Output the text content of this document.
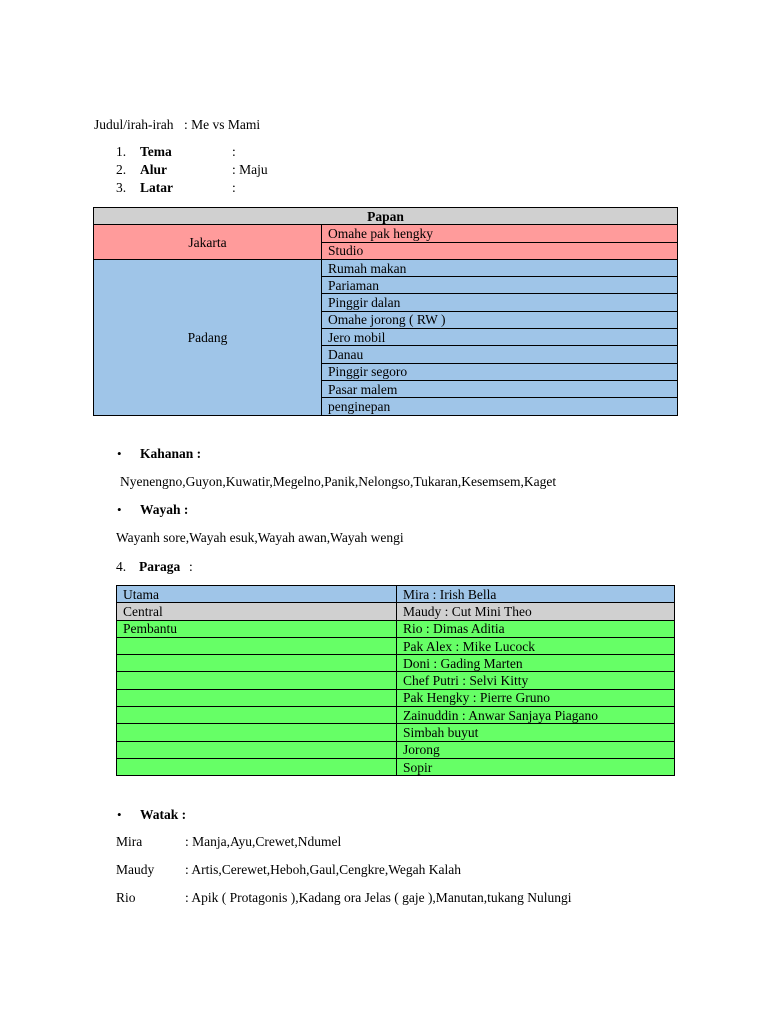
Judul/irah-irah : Me vs Mami
1. Tema	:
2. Alur	: Maju
3. Latar	:
Papan	
Jakarta	Omahe pak hengky
	Studio
Padang	Rumah makan
	Pariaman
	Pinggir dalan
	Omahe jorong ( RW )
	Jero mobil
	Danau
	Pinggir segoro
	Pasar malem
	penginepan
• Kahanan :
Nyenengno,Guyon,Kuwatir,Megelno,Panik,Nelongso,Tukaran,Kesemsem,Kaget
• Wayah :
Wayanh sore,Wayah esuk,Wayah awan,Wayah wengi
4. Paraga :
Utama	Mira : Irish Bella
Central	Maudy : Cut Mini Theo
Pembantu	Rio : Dimas Aditia
	Pak Alex : Mike Lucock
	Doni : Gading Marten
	Chef Putri : Selvi Kitty
	Pak Hengky : Pierre Gruno
	Zainuddin : Anwar Sanjaya Piagano
	Simbah buyut
	Jorong
	Sopir
• Watak :
Mira	: Manja,Ayu,Crewet,Ndumel
Maudy : Artis,Cerewet,Heboh,Gaul,Cengkre,Wegah Kalah
Rio	: Apik ( Protagonis ),Kadang ora Jelas ( gaje ),Manutan,tukang Nulungi
